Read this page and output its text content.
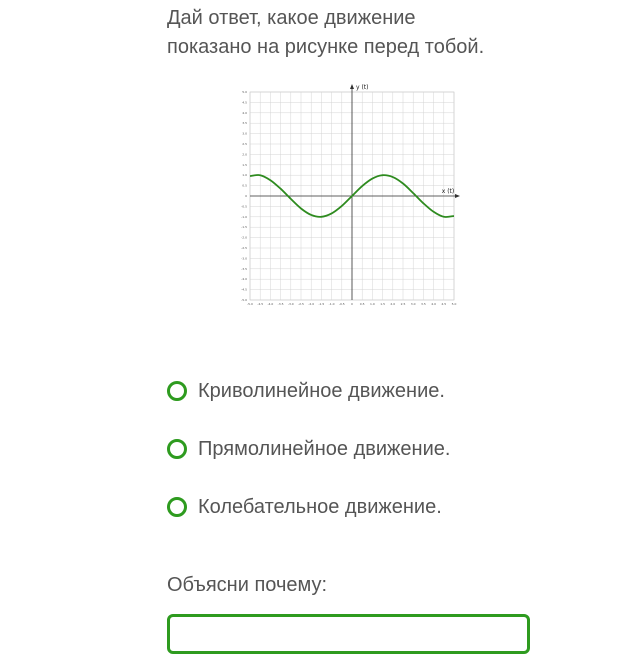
Дай ответ, какое движение
показано на рисунке перед тобой.

-5.0 -4.5 -4.0 -3.5 -3.0 -2.5 -2.0 -1.5 -1.0 -0.5 0 0.5 1.0 1.5 2.0 2.5 3.0 3.5 4.0 4.5 5.0
5.0
4.5
4.0
3.5
3.0
2.5
2.0
1.5
1.0
0.5
0
-0.5
-1.0
-1.5
-2.0
-2.5
-3.0
-3.5
-4.0
-4.5
-5.0
x (t)
y (t)
Криволинейное движение.
Прямолинейное движение.
Колебательное движение.
Объясни почему:
